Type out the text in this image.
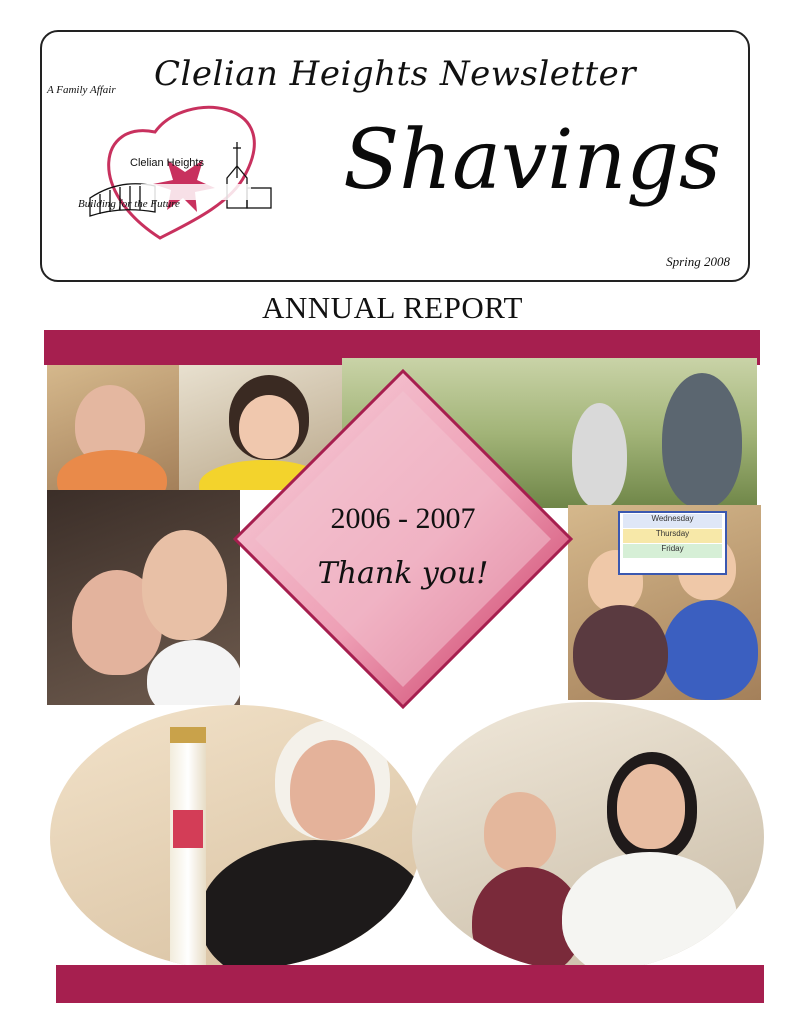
Clelian Heights Newsletter
Shavings
Spring 2008
A Family Affair
Clelian Heights
Building for the Future
ANNUAL REPORT
Wednesday
Thursday
Friday
2006 - 2007
Thank you!
